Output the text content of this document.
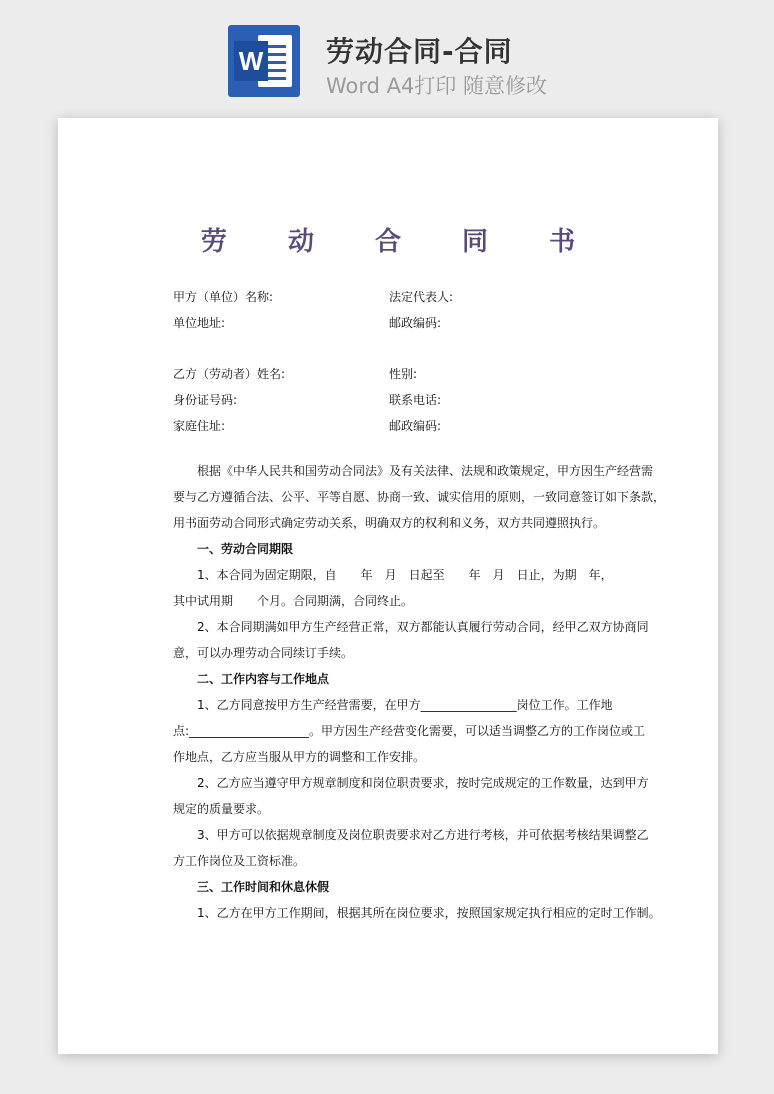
W 劳动合同-合同
Word A4打印 随意修改

劳 动 合 同 书
甲方（单位）名称:	法定代表人:
单位地址:	邮政编码:
乙方（劳动者）姓名:	性别:
身份证号码:	联系电话:
家庭住址:	邮政编码:
根据《中华人民共和国劳动合同法》及有关法律、法规和政策规定，甲方因生产经营需
要与乙方遵循合法、公平、平等自愿、协商一致、诚实信用的原则，一致同意签订如下条款，
用书面劳动合同形式确定劳动关系，明确双方的权利和义务，双方共同遵照执行。
一、劳动合同期限
1、本合同为固定期限，自　　年　月　日起至　　年　月　日止，为期　年，
其中试用期　　个月。合同期满，合同终止。
2、本合同期满如甲方生产经营正常，双方都能认真履行劳动合同，经甲乙双方协商同
意，可以办理劳动合同续订手续。
二、工作内容与工作地点
1、乙方同意按甲方生产经营需要，在甲方________________岗位工作。工作地
点:____________________。甲方因生产经营变化需要，可以适当调整乙方的工作岗位或工
作地点，乙方应当服从甲方的调整和工作安排。
2、乙方应当遵守甲方规章制度和岗位职责要求，按时完成规定的工作数量，达到甲方
规定的质量要求。
3、甲方可以依据规章制度及岗位职责要求对乙方进行考核，并可依据考核结果调整乙
方工作岗位及工资标准。
三、工作时间和休息休假
1、乙方在甲方工作期间，根据其所在岗位要求，按照国家规定执行相应的定时工作制。
